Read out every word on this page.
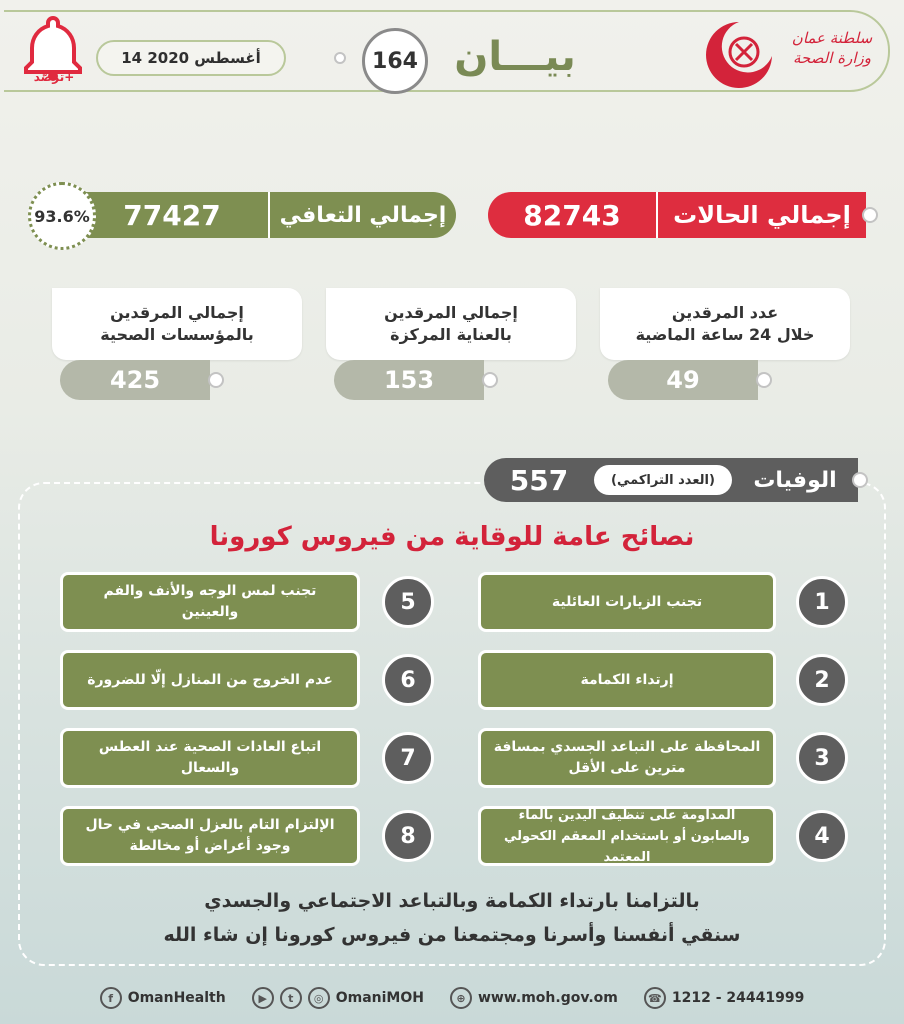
ترصّد+
14 أغسطس 2020	164 بيـــان	سلطنة عمان
وزارة الصحة
إجمالي التعافي
77427
93.6%	إجمالي الحالات
82743
عدد المرقدين
خلال 24 ساعة الماضية
49
إجمالي المرقدين
بالعناية المركزة
153
إجمالي المرقدين
بالمؤسسات الصحية
425
557	(العدد التراكمي)	الوفيات
نصائح عامة للوقاية من فيروس كورونا
تجنب الزيارات العائلية	1
إرتداء الكمامة	2
المحافظة على التباعد الجسدي بمسافة مترين على الأقل	3
المداومة على تنظيف اليدين بالماء والصابون أو باستخدام المعقم الكحولي المعتمد
4
تجنب لمس الوجه والأنف والفم والعينين	5
عدم الخروج من المنازل إلّا للضرورة	6
اتباع العادات الصحية عند العطس والسعال	7
الإلتزام التام بالعزل الصحي في حال وجود أعراض أو مخالطة	8
بالتزامنا بارتداء الكمامة وبالتباعد الاجتماعي والجسدي
سنقي أنفسنا وأسرنا ومجتمعنا من فيروس كورونا إن شاء الله
f	OmanHealth	▶	t	◎ OmaniMOH	⊕ www.moh.gov.om	☎ 1212 - 24441999
